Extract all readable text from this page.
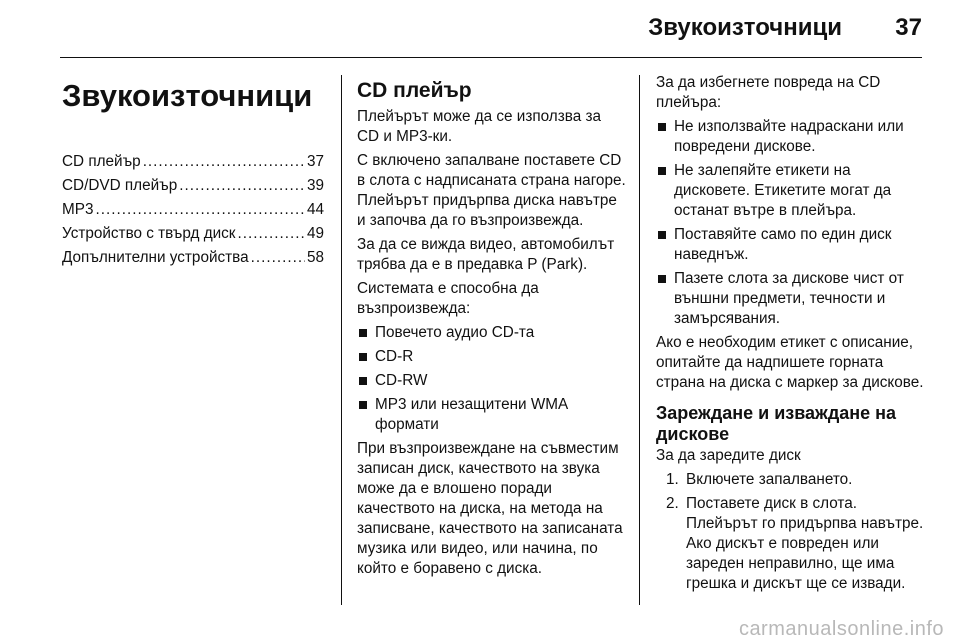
Звукоизточници 37
Звукоизточници
CD плейър .....	37
CD/DVD плейър .....	39
MP3 .....	44
Устройство с твърд диск .....	49
Допълнителни устройства .....	58
CD плейър

Плейърът може да се използва за CD и MP3-ки.

С включено запалване поставете CD в слота с надписаната страна нагоре. Плейърът придърпва диска навътре и започва да го възпроизвежда.

За да се вижда видео, автомобилът трябва да е в предавка P (Park).

Системата е способна да възпроизвежда:

Повечето аудио CD-та
CD-R
CD-RW
MP3 или незащитени WMA формати

При възпроизвеждане на съвместим записан диск, качеството на звука може да е влошено поради качеството на диска, на метода на записване, качеството на записаната музика или видео, или начина, по който е боравено с диска.

За да избегнете повреда на CD плейъра:

Не използвайте надраскани или повредени дискове.
Не залепяйте етикети на дисковете. Етикетите могат да останат вътре в плейъра.
Поставяйте само по един диск наведнъж.
Пазете слота за дискове чист от външни предмети, течности и замърсявания.

Ако е необходим етикет с описание, опитайте да надпишете горната страна на диска с маркер за дискове.

Зареждане и изваждане на дискове

За да заредите диск

1. Включете запалването.
2. Поставете диск в слота. Плейърът го придърпва навътре. Ако дискът е повреден или зареден неправилно, ще има грешка и дискът ще се извади.
carmanualsonline.info
